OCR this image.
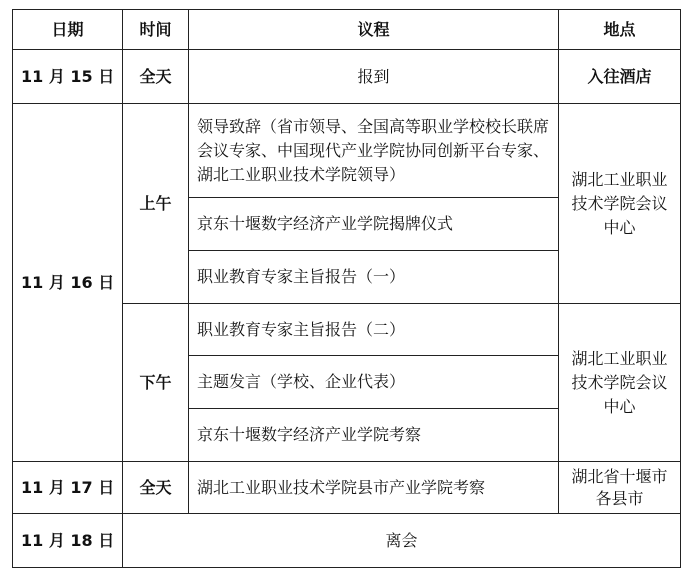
日期	时间	议程	地点
11 月 15 日	全天	报到	入往酒店
11 月 16 日	上午	领导致辞（省市领导、全国高等职业学校校长联席会议专家、中国现代产业学院协同创新平台专家、湖北工业职业技术学院领导）	湖北工业职业技术学院会议中心
		京东十堰数字经济产业学院揭牌仪式	
		职业教育专家主旨报告（一）	
	下午	职业教育专家主旨报告（二）	湖北工业职业技术学院会议中心
		主题发言（学校、企业代表）	
		京东十堰数字经济产业学院考察	
11 月 17 日	全天	湖北工业职业技术学院县市产业学院考察	湖北省十堰市各县市
11 月 18 日	离会		
